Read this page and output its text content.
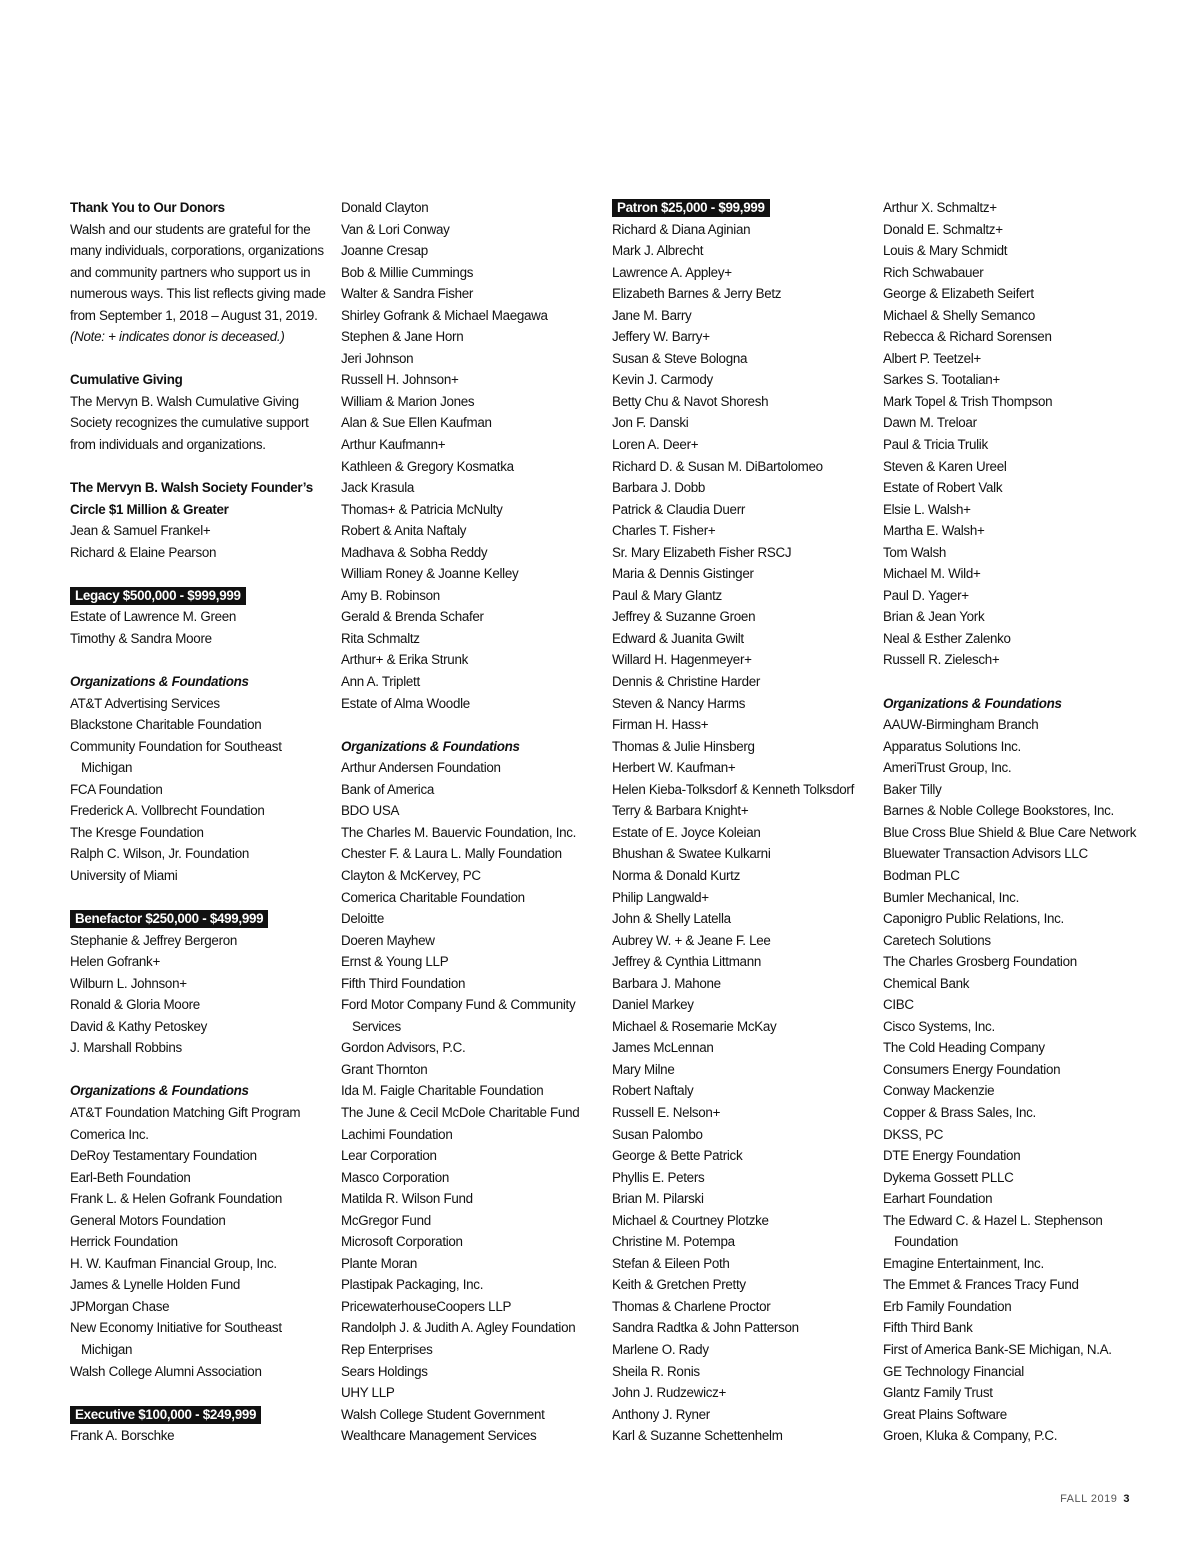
Thank You to Our Donors
Walsh and our students are grateful for the
many individuals, corporations, organizations
and community partners who support us in
numerous ways. This list reflects giving made
from September 1, 2018 – August 31, 2019.
(Note: + indicates donor is deceased.)
Cumulative Giving
The Mervyn B. Walsh Cumulative Giving
Society recognizes the cumulative support
from individuals and organizations.
The Mervyn B. Walsh Society Founder’s
Circle $1 Million & Greater
Jean & Samuel Frankel+
Richard & Elaine Pearson
Legacy $500,000 - $999,999
Estate of Lawrence M. Green
Timothy & Sandra Moore
Organizations & Foundations
AT&T Advertising Services
Blackstone Charitable Foundation
Community Foundation for Southeast Michigan
FCA Foundation
Frederick A. Vollbrecht Foundation
The Kresge Foundation
Ralph C. Wilson, Jr. Foundation
University of Miami
Benefactor $250,000 - $499,999
Stephanie & Jeffrey Bergeron
Helen Gofrank+
Wilburn L. Johnson+
Ronald & Gloria Moore
David & Kathy Petoskey
J. Marshall Robbins
Organizations & Foundations
AT&T Foundation Matching Gift Program
Comerica Inc.
DeRoy Testamentary Foundation
Earl-Beth Foundation
Frank L. & Helen Gofrank Foundation
General Motors Foundation
Herrick Foundation
H. W. Kaufman Financial Group, Inc.
James & Lynelle Holden Fund
JPMorgan Chase
New Economy Initiative for Southeast Michigan
Walsh College Alumni Association
Executive $100,000 - $249,999
Frank A. Borschke
Donald Clayton
Van & Lori Conway
Joanne Cresap
Bob & Millie Cummings
Walter & Sandra Fisher
Shirley Gofrank & Michael Maegawa
Stephen & Jane Horn
Jeri Johnson
Russell H. Johnson+
William & Marion Jones
Alan & Sue Ellen Kaufman
Arthur Kaufmann+
Kathleen & Gregory Kosmatka
Jack Krasula
Thomas+ & Patricia McNulty
Robert & Anita Naftaly
Madhava & Sobha Reddy
William Roney & Joanne Kelley
Amy B. Robinson
Gerald & Brenda Schafer
Rita Schmaltz
Arthur+ & Erika Strunk
Ann A. Triplett
Estate of Alma Woodle
Organizations & Foundations
Arthur Andersen Foundation
Bank of America
BDO USA
The Charles M. Bauervic Foundation, Inc.
Chester F. & Laura L. Mally Foundation
Clayton & McKervey, PC
Comerica Charitable Foundation
Deloitte
Doeren Mayhew
Ernst & Young LLP
Fifth Third Foundation
Ford Motor Company Fund & Community Services
Gordon Advisors, P.C.
Grant Thornton
Ida M. Faigle Charitable Foundation
The June & Cecil McDole Charitable Fund
Lachimi Foundation
Lear Corporation
Masco Corporation
Matilda R. Wilson Fund
McGregor Fund
Microsoft Corporation
Plante Moran
Plastipak Packaging, Inc.
PricewaterhouseCoopers LLP
Randolph J. & Judith A. Agley Foundation
Rep Enterprises
Sears Holdings
UHY LLP
Walsh College Student Government
Wealthcare Management Services
Patron $25,000 - $99,999
Richard & Diana Aginian
Mark J. Albrecht
Lawrence A. Appley+
Elizabeth Barnes & Jerry Betz
Jane M. Barry
Jeffery W. Barry+
Susan & Steve Bologna
Kevin J. Carmody
Betty Chu & Navot Shoresh
Jon F. Danski
Loren A. Deer+
Richard D. & Susan M. DiBartolomeo
Barbara J. Dobb
Patrick & Claudia Duerr
Charles T. Fisher+
Sr. Mary Elizabeth Fisher RSCJ
Maria & Dennis Gistinger
Paul & Mary Glantz
Jeffrey & Suzanne Groen
Edward & Juanita Gwilt
Willard H. Hagenmeyer+
Dennis & Christine Harder
Steven & Nancy Harms
Firman H. Hass+
Thomas & Julie Hinsberg
Herbert W. Kaufman+
Helen Kieba-Tolksdorf & Kenneth Tolksdorf
Terry & Barbara Knight+
Estate of E. Joyce Koleian
Bhushan & Swatee Kulkarni
Norma & Donald Kurtz
Philip Langwald+
John & Shelly Latella
Aubrey W. + & Jeane F. Lee
Jeffrey & Cynthia Littmann
Barbara J. Mahone
Daniel Markey
Michael & Rosemarie McKay
James McLennan
Mary Milne
Robert Naftaly
Russell E. Nelson+
Susan Palombo
George & Bette Patrick
Phyllis E. Peters
Brian M. Pilarski
Michael & Courtney Plotzke
Christine M. Potempa
Stefan & Eileen Poth
Keith & Gretchen Pretty
Thomas & Charlene Proctor
Sandra Radtka & John Patterson
Marlene O. Rady
Sheila R. Ronis
John J. Rudzewicz+
Anthony J. Ryner
Karl & Suzanne Schettenhelm
Arthur X. Schmaltz+
Donald E. Schmaltz+
Louis & Mary Schmidt
Rich Schwabauer
George & Elizabeth Seifert
Michael & Shelly Semanco
Rebecca & Richard Sorensen
Albert P. Teetzel+
Sarkes S. Tootalian+
Mark Topel & Trish Thompson
Dawn M. Treloar
Paul & Tricia Trulik
Steven & Karen Ureel
Estate of Robert Valk
Elsie L. Walsh+
Martha E. Walsh+
Tom Walsh
Michael M. Wild+
Paul D. Yager+
Brian & Jean York
Neal & Esther Zalenko
Russell R. Zielesch+
Organizations & Foundations
AAUW-Birmingham Branch
Apparatus Solutions Inc.
AmeriTrust Group, Inc.
Baker Tilly
Barnes & Noble College Bookstores, Inc.
Blue Cross Blue Shield & Blue Care Network
Bluewater Transaction Advisors LLC
Bodman PLC
Bumler Mechanical, Inc.
Caponigro Public Relations, Inc.
Caretech Solutions
The Charles Grosberg Foundation
Chemical Bank
CIBC
Cisco Systems, Inc.
The Cold Heading Company
Consumers Energy Foundation
Conway Mackenzie
Copper & Brass Sales, Inc.
DKSS, PC
DTE Energy Foundation
Dykema Gossett PLLC
Earhart Foundation
The Edward C. & Hazel L. Stephenson Foundation
Emagine Entertainment, Inc.
The Emmet & Frances Tracy Fund
Erb Family Foundation
Fifth Third Bank
First of America Bank-SE Michigan, N.A.
GE Technology Financial
Glantz Family Trust
Great Plains Software
Groen, Kluka & Company, P.C.
FALL 2019 3
